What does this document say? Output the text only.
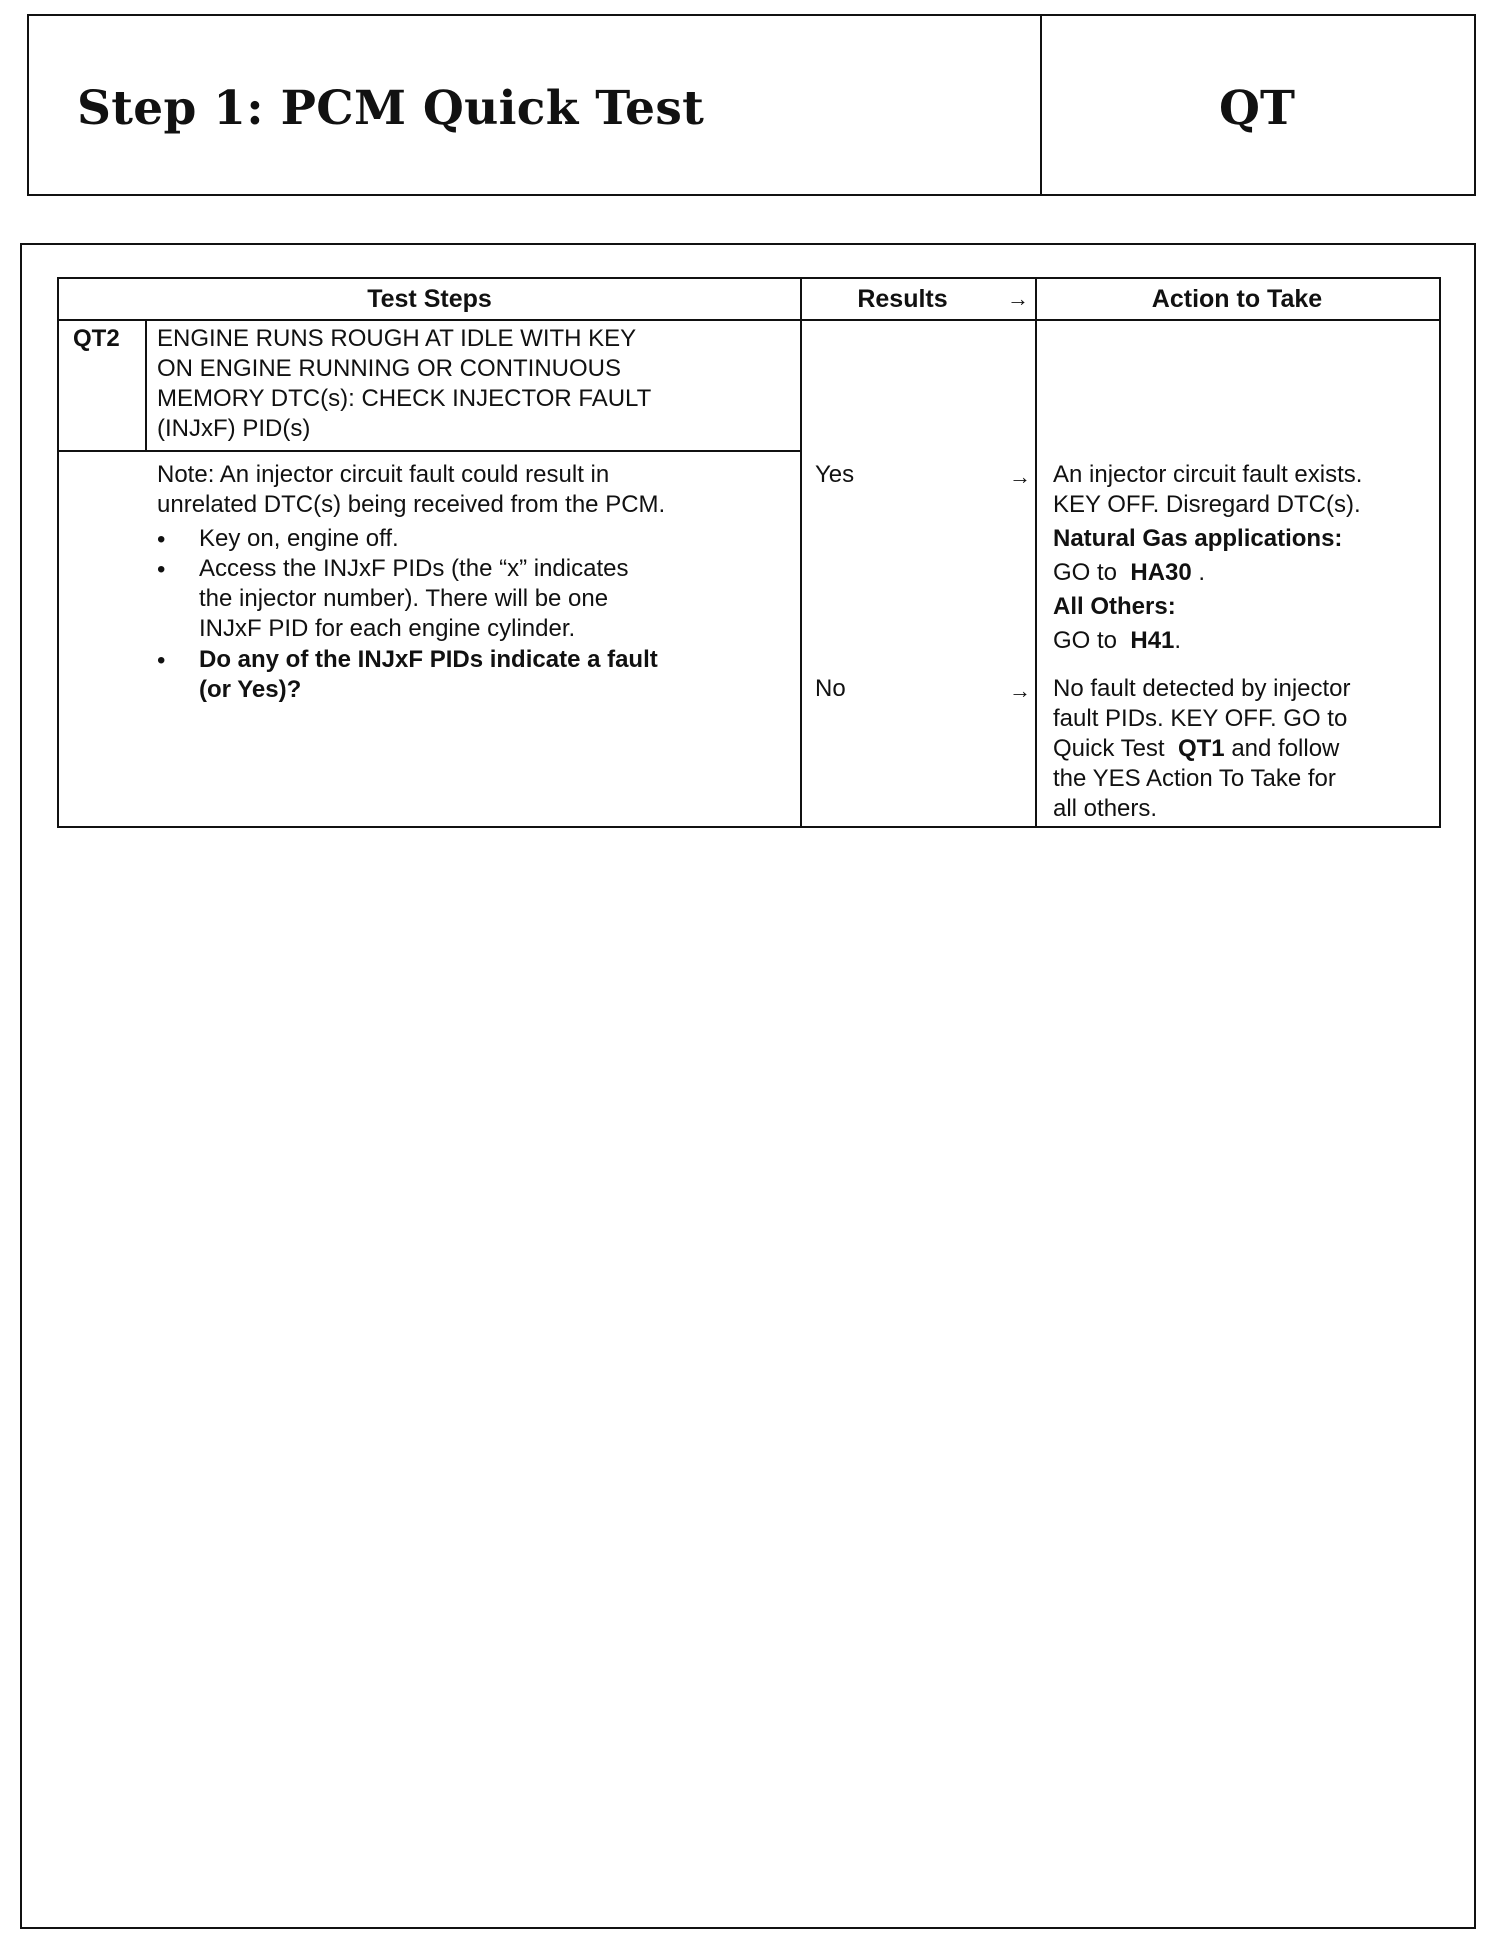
Step 1: PCM Quick Test	QT
Test Steps	Results	→	Action to Take
QT2 ENGINE RUNS ROUGH AT IDLE WITH KEY
ON ENGINE RUNNING OR CONTINUOUS
MEMORY DTC(s): CHECK INJECTOR FAULT
(INJxF) PID(s)
Note: An injector circuit fault could result in
unrelated DTC(s) being received from the PCM.
• Key on, engine off.
• Access the INJxF PIDs (the “x” indicates
the injector number). There will be one
INJxF PID for each engine cylinder.
• Do any of the INJxF PIDs indicate a fault
(or Yes)?
Yes	→ An injector circuit fault exists.
KEY OFF. Disregard DTC(s).
Natural Gas applications:
GO to HA30 .
All Others:
GO to H41.
No	→ No fault detected by injector
fault PIDs. KEY OFF. GO to
Quick Test QT1 and follow
the YES Action To Take for
all others.
